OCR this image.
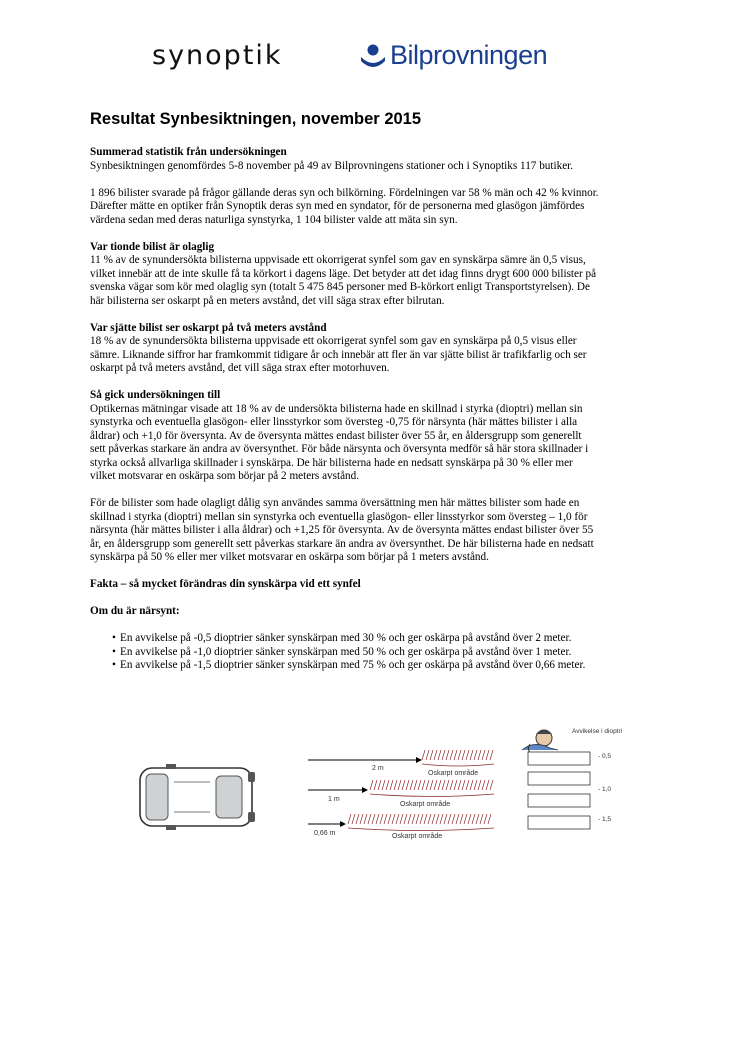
synoptik	Bilprovningen
Resultat Synbesiktningen, november 2015

Summerad statistik från undersökningen

Synbesiktningen genomfördes 5-8 november på 49 av Bilprovningens stationer och i Synoptiks 117 butiker.

1 896 bilister svarade på frågor gällande deras syn och bilkörning. Fördelningen var 58 % män och 42 % kvinnor.

Därefter mätte en optiker från Synoptik deras syn med en syndator, för de personerna med glasögon jämfördes

värdena sedan med deras naturliga synstyrka, 1 104 bilister valde att mäta sin syn.

Var tionde bilist är olaglig

11 % av de synundersökta bilisterna uppvisade ett okorrigerat synfel som gav en synskärpa sämre än 0,5 visus,

vilket innebär att de inte skulle få ta körkort i dagens läge. Det betyder att det idag finns drygt 600 000 bilister på

svenska vägar som kör med olaglig syn (totalt 5 475 845 personer med B-körkort enligt Transportstyrelsen). De

här bilisterna ser oskarpt på en meters avstånd, det vill säga strax efter bilrutan.

Var sjätte bilist ser oskarpt på två meters avstånd

18 % av de synundersökta bilisterna uppvisade ett okorrigerat synfel som gav en synskärpa på 0,5 visus eller

sämre. Liknande siffror har framkommit tidigare år och innebär att fler än var sjätte bilist är trafikfarlig och ser

oskarpt på två meters avstånd, det vill säga strax efter motorhuven.

Så gick undersökningen till

Optikernas mätningar visade att 18 % av de undersökta bilisterna hade en skillnad i styrka (dioptri) mellan sin

synstyrka och eventuella glasögon- eller linsstyrkor som översteg -0,75 för närsynta (här mättes bilister i alla

åldrar) och +1,0 för översynta. Av de översynta mättes endast bilister över 55 år, en åldersgrupp som generellt

sett påverkas starkare än andra av översynthet. För både närsynta och översynta medför så här stora skillnader i

styrka också allvarliga skillnader i synskärpa. De här bilisterna hade en nedsatt synskärpa på 30 % eller mer

vilket motsvarar en oskärpa som börjar på 2 meters avstånd.

För de bilister som hade olagligt dålig syn användes samma översättning men här mättes bilister som hade en

skillnad i styrka (dioptri) mellan sin synstyrka och eventuella glasögon- eller linsstyrkor som översteg – 1,0 för

närsynta (här mättes bilister i alla åldrar) och +1,25 för översynta. Av de översynta mättes endast bilister över 55

år, en åldersgrupp som generellt sett påverkas starkare än andra av översynthet. De här bilisterna hade en nedsatt

synskärpa på 50 % eller mer vilket motsvarar en oskärpa som börjar på 1 meters avstånd.

Fakta – så mycket förändras din synskärpa vid ett synfel

Om du är närsynt:

• En avvikelse på -0,5 dioptrier sänker synskärpan med 30 % och ger oskärpa på avstånd över 2 meter.
• En avvikelse på -1,0 dioptrier sänker synskärpan med 50 % och ger oskärpa på avstånd över 1 meter.
• En avvikelse på -1,5 dioptrier sänker synskärpan med 75 % och ger oskärpa på avstånd över 0,66 meter.
2 m
Oskarpt område
1 m
Oskarpt område
0,66 m	Oskarpt område
Avvikelse i dioptri
- 0,5
- 1,0
- 1,5
